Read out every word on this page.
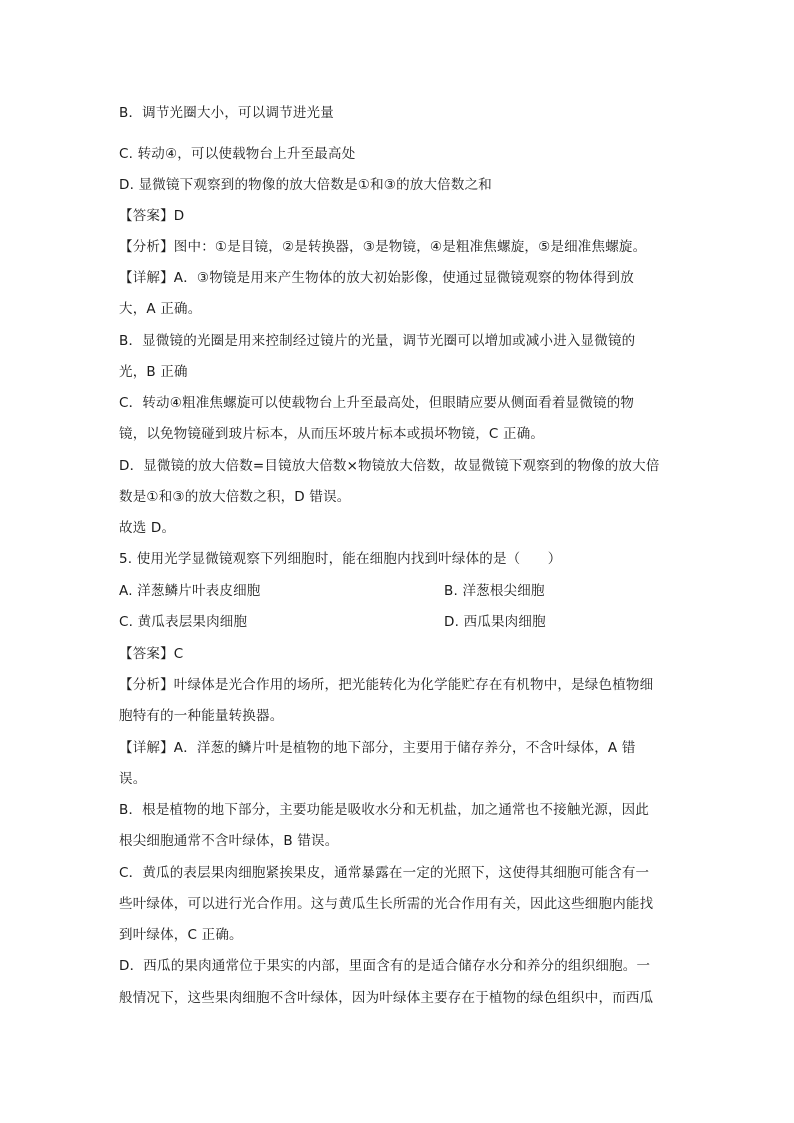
B．调节光圈大小，可以调节进光量
C. 转动④，可以使载物台上升至最高处
D. 显微镜下观察到的物像的放大倍数是①和③的放大倍数之和
【答案】D
【分析】图中：①是目镜，②是转换器，③是物镜，④是粗准焦螺旋，⑤是细准焦螺旋。
【详解】A．③物镜是用来产生物体的放大初始影像，使通过显微镜观察的物体得到放
大，A 正确。
B．显微镜的光圈是用来控制经过镜片的光量，调节光圈可以增加或减小进入显微镜的
光，B 正确
C．转动④粗准焦螺旋可以使载物台上升至最高处，但眼睛应要从侧面看着显微镜的物
镜，以免物镜碰到玻片标本，从而压坏玻片标本或损坏物镜，C 正确。
D．显微镜的放大倍数=目镜放大倍数×物镜放大倍数，故显微镜下观察到的物像的放大倍
数是①和③的放大倍数之积，D 错误。
故选 D。
5. 使用光学显微镜观察下列细胞时，能在细胞内找到叶绿体的是（　　）
A. 洋葱鳞片叶表皮细胞	B. 洋葱根尖细胞
C. 黄瓜表层果肉细胞	D. 西瓜果肉细胞
【答案】C
【分析】叶绿体是光合作用的场所，把光能转化为化学能贮存在有机物中，是绿色植物细
胞特有的一种能量转换器。
【详解】A．洋葱的鳞片叶是植物的地下部分，主要用于储存养分，不含叶绿体，A 错
误。
B．根是植物的地下部分，主要功能是吸收水分和无机盐，加之通常也不接触光源，因此
根尖细胞通常不含叶绿体，B 错误。
C．黄瓜的表层果肉细胞紧挨果皮，通常暴露在一定的光照下，这使得其细胞可能含有一
些叶绿体，可以进行光合作用。这与黄瓜生长所需的光合作用有关，因此这些细胞内能找
到叶绿体，C 正确。
D．西瓜的果肉通常位于果实的内部，里面含有的是适合储存水分和养分的组织细胞。一
般情况下，这些果肉细胞不含叶绿体，因为叶绿体主要存在于植物的绿色组织中，而西瓜
